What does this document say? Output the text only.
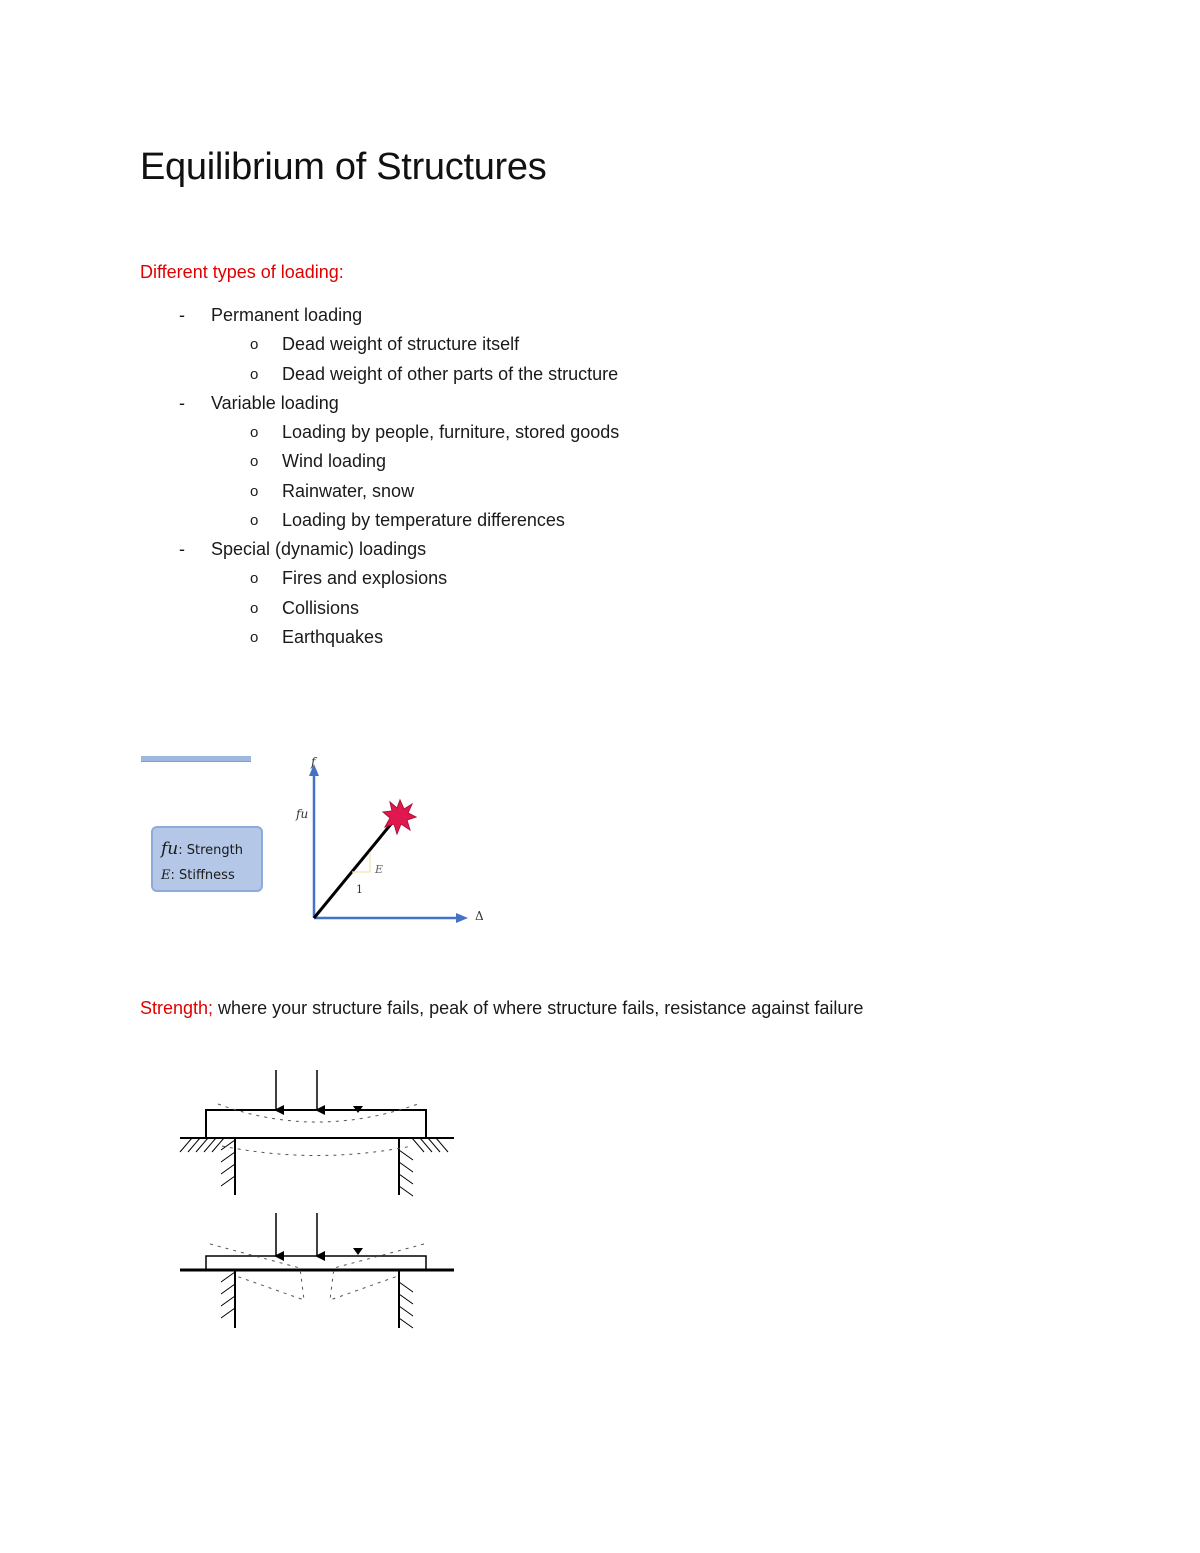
Equilibrium of Structures
Different types of loading:
- Permanent loading
o Dead weight of structure itself
o Dead weight of other parts of the structure
- Variable loading
o Loading by people, furniture, stored goods
o Wind loading
o Rainwater, snow
o Loading by temperature differences
- Special (dynamic) loadings
o Fires and explosions
o Collisions
o Earthquakes
f
fu
E
1
Δ
fu: Strength
E: Stiffness
Strength; where your structure fails, peak of where structure fails, resistance against failure
